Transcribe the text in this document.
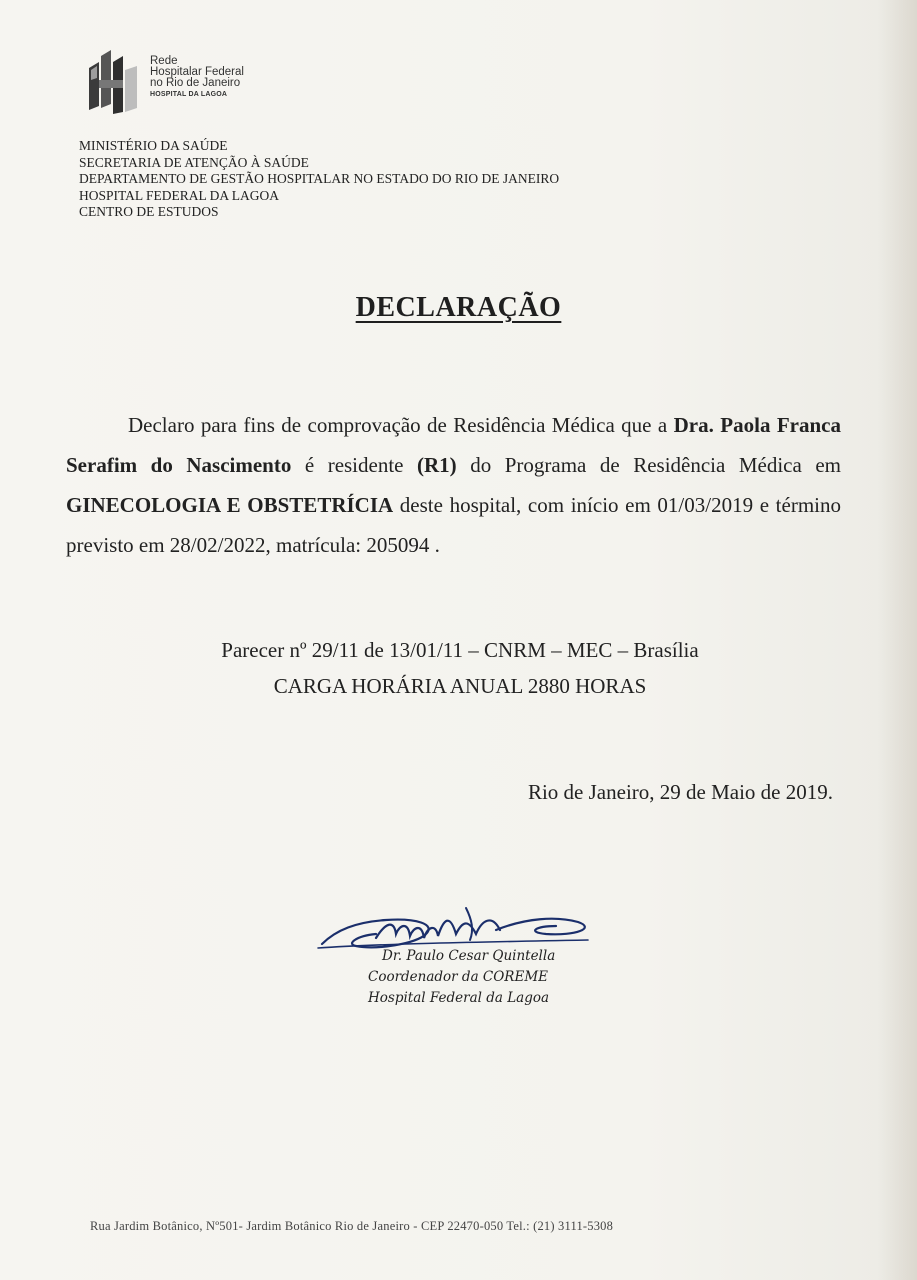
Rede
Hospitalar Federal
no Rio de Janeiro
HOSPITAL DA LAGOA
MINISTÉRIO DA SAÚDE
SECRETARIA DE ATENÇÃO À SAÚDE
DEPARTAMENTO DE GESTÃO HOSPITALAR NO ESTADO DO RIO DE JANEIRO
HOSPITAL FEDERAL DA LAGOA
CENTRO DE ESTUDOS
DECLARAÇÃO
Declaro para fins de comprovação de Residência Médica que a Dra. Paola Franca Serafim do Nascimento é residente (R1) do Programa de Residência Médica em GINECOLOGIA E OBSTETRÍCIA deste hospital, com início em 01/03/2019 e término previsto em 28/02/2022, matrícula: 205094 .
Parecer nº 29/11 de 13/01/11 – CNRM – MEC – Brasília
CARGA HORÁRIA ANUAL 2880 HORAS
Rio de Janeiro, 29 de Maio de 2019.
Dr. Paulo Cesar Quintella
Coordenador da COREME
Hospital Federal da Lagoa
Rua Jardim Botânico, Nº501- Jardim Botânico Rio de Janeiro - CEP 22470-050 Tel.: (21) 3111-5308
